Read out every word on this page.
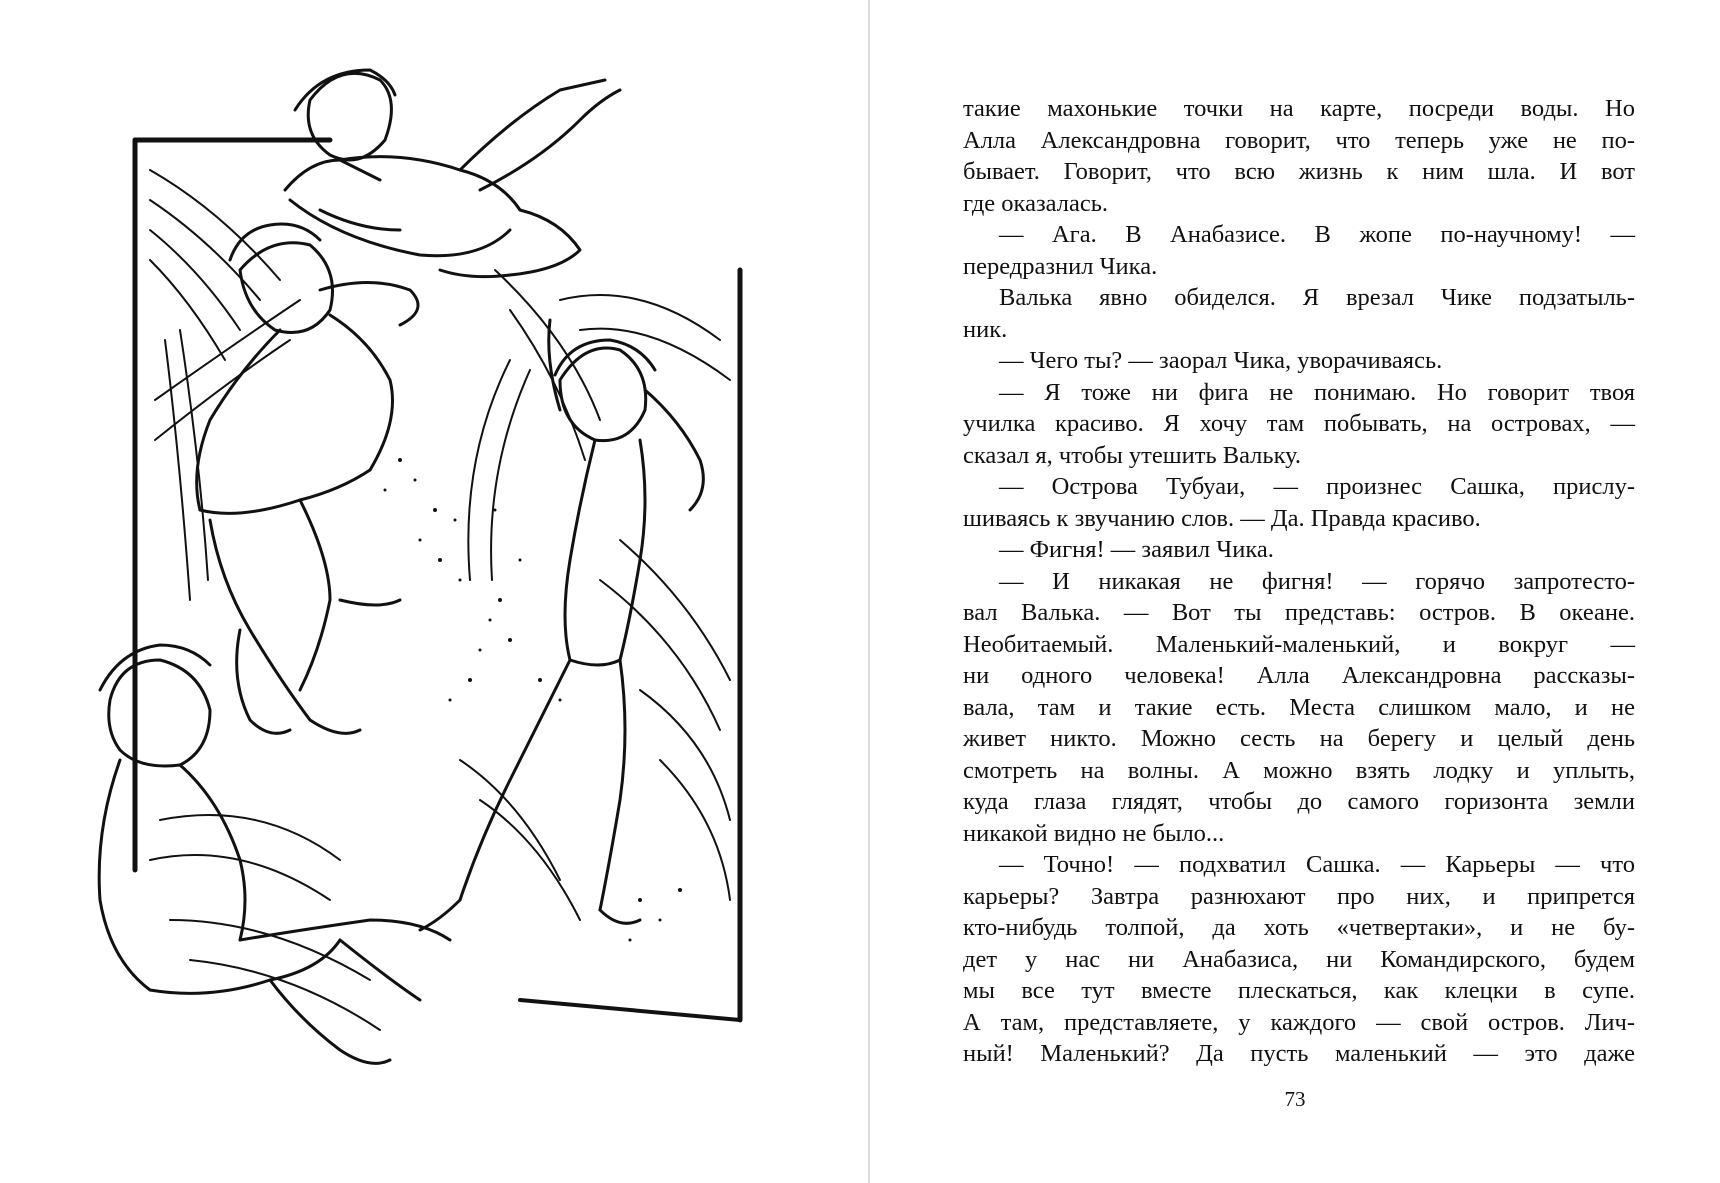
такие махонькие точки на карте, посреди воды. Но

Алла Александровна говорит, что теперь уже не по-

бывает. Говорит, что всю жизнь к ним шла. И вот

где оказалась.

— Ага. В Анабазисе. В жопе по-научному! —

передразнил Чика.

Валька явно обиделся. Я врезал Чике подзатыль-

ник.

— Чего ты? — заорал Чика, уворачиваясь.

— Я тоже ни фига не понимаю. Но говорит твоя

училка красиво. Я хочу там побывать, на островах, —

сказал я, чтобы утешить Вальку.

— Острова Тубуаи, — произнес Сашка, прислу-

шиваясь к звучанию слов. — Да. Правда красиво.

— Фигня! — заявил Чика.

— И никакая не фигня! — горячо запротесто-

вал Валька. — Вот ты представь: остров. В океане.

Необитаемый. Маленький-маленький, и вокруг —

ни одного человека! Алла Александровна рассказы-

вала, там и такие есть. Места слишком мало, и не

живет никто. Можно сесть на берегу и целый день

смотреть на волны. А можно взять лодку и уплыть,

куда глаза глядят, чтобы до самого горизонта земли

никакой видно не было...

— Точно! — подхватил Сашка. — Карьеры — что

карьеры? Завтра разнюхают про них, и припрется

кто-нибудь толпой, да хоть «четвертаки», и не бу-

дет у нас ни Анабазиса, ни Командирского, будем

мы все тут вместе плескаться, как клецки в супе.

А там, представляете, у каждого — свой остров. Лич-

ный! Маленький? Да пусть маленький — это даже

73
